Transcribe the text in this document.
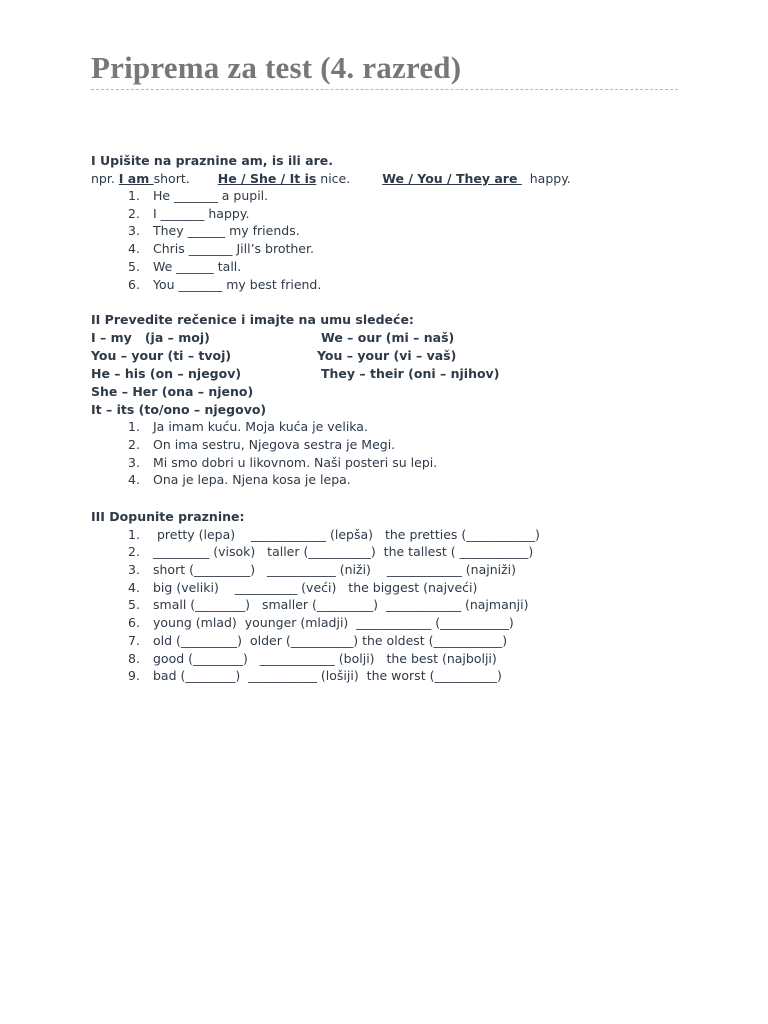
Priprema za test (4. razred)
I Upišite na praznine am, is ili are.
npr. I am short. He / She / It is nice.	We / You / They are   happy.
1. He _______ a pupil.
2. I _______ happy.
3. They ______ my friends.
4. Chris _______ Jill’s brother.
5. We ______ tall.
6. You _______ my best friend.
II Prevedite rečenice i imajte na umu sledeće:
I – my   (ja – moj)
You – your (ti – tvoj)
He – his (on – njegov)
She – Her (ona – njeno)
It – its (to/ono – njegovo)
We – our (mi – naš)
You – your (vi – vaš)
They – their (oni – njihov)
1. Ja imam kuću. Moja kuća je velika.
2. On ima sestru, Njegova sestra je Megi.
3. Mi smo dobri u likovnom. Naši posteri su lepi.
4. Ona je lepa. Njena kosa je lepa.
III Dopunite praznine:
1. pretty (lepa)    ____________ (lepša)   the pretties (___________)
2. _________ (visok)   taller (__________)  the tallest ( ___________)
3. short (_________)   ___________ (niži)    ____________ (najniži)
4. big (veliki)    __________ (veći)   the biggest (najveći)
5. small (________)   smaller (_________)  ____________ (najmanji)
6. young (mlad)  younger (mladji)  ____________ (___________)
7. old (_________)  older (__________) the oldest (___________)
8. good (________)   ____________ (bolji)   the best (najbolji)
9. bad (________)  ___________ (lošiji)  the worst (__________)
